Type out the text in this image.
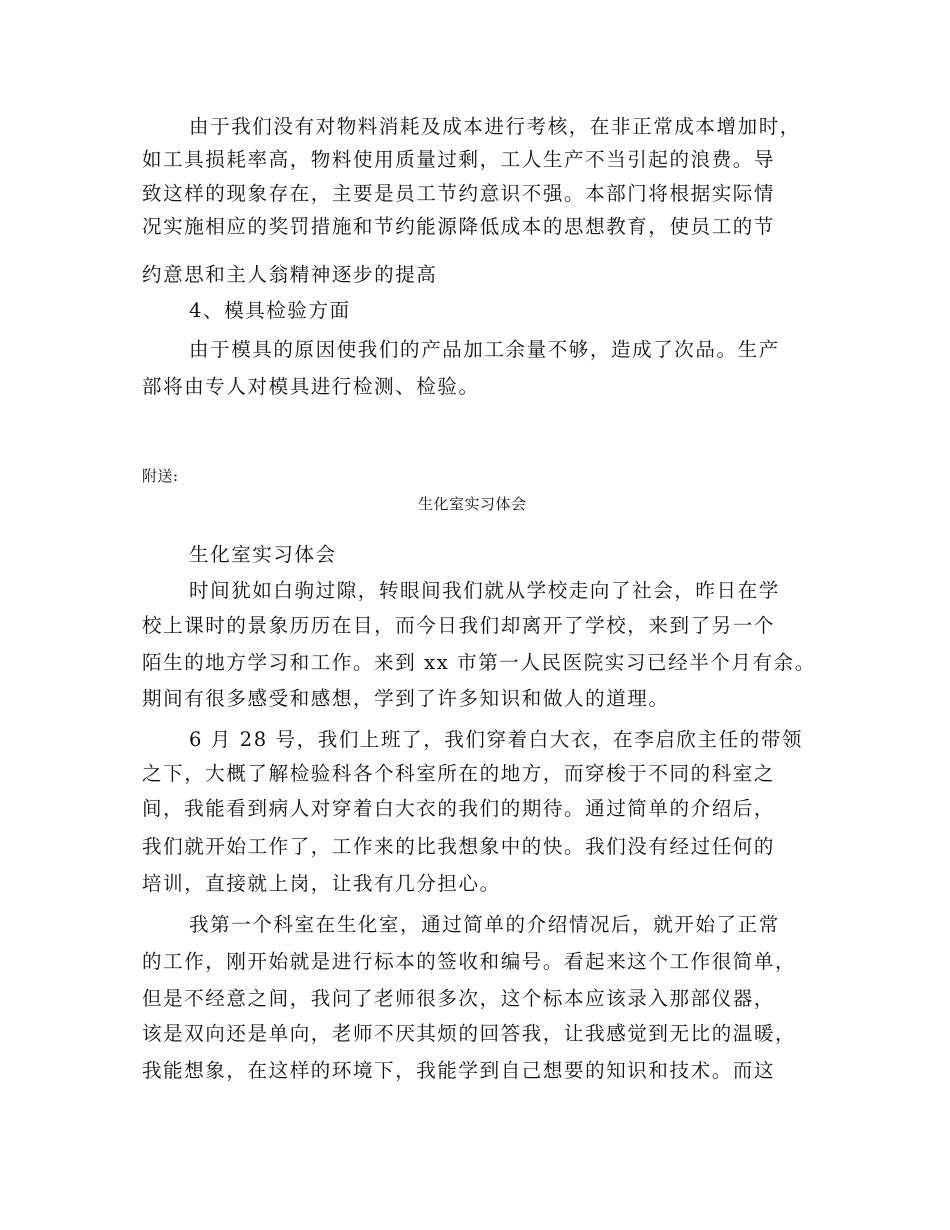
由于我们没有对物料消耗及成本进行考核，在非正常成本增加时，
如工具损耗率高，物料使用质量过剩，工人生产不当引起的浪费。导
致这样的现象存在，主要是员工节约意识不强。本部门将根据实际情
况实施相应的奖罚措施和节约能源降低成本的思想教育，使员工的节
约意思和主人翁精神逐步的提高
4、模具检验方面
由于模具的原因使我们的产品加工余量不够，造成了次品。生产
部将由专人对模具进行检测、检验。
附送:
生化室实习体会
生化室实习体会
时间犹如白驹过隙，转眼间我们就从学校走向了社会，昨日在学
校上课时的景象历历在目，而今日我们却离开了学校，来到了另一个
陌生的地方学习和工作。来到 xx 市第一人民医院实习已经半个月有余。
期间有很多感受和感想，学到了许多知识和做人的道理。
6 月 28 号，我们上班了，我们穿着白大衣，在李启欣主任的带领
之下，大概了解检验科各个科室所在的地方，而穿梭于不同的科室之
间，我能看到病人对穿着白大衣的我们的期待。通过简单的介绍后，
我们就开始工作了，工作来的比我想象中的快。我们没有经过任何的
培训，直接就上岗，让我有几分担心。
我第一个科室在生化室，通过简单的介绍情况后，就开始了正常
的工作，刚开始就是进行标本的签收和编号。看起来这个工作很简单，
但是不经意之间，我问了老师很多次，这个标本应该录入那部仪器，
该是双向还是单向，老师不厌其烦的回答我，让我感觉到无比的温暖，
我能想象，在这样的环境下，我能学到自己想要的知识和技术。而这
